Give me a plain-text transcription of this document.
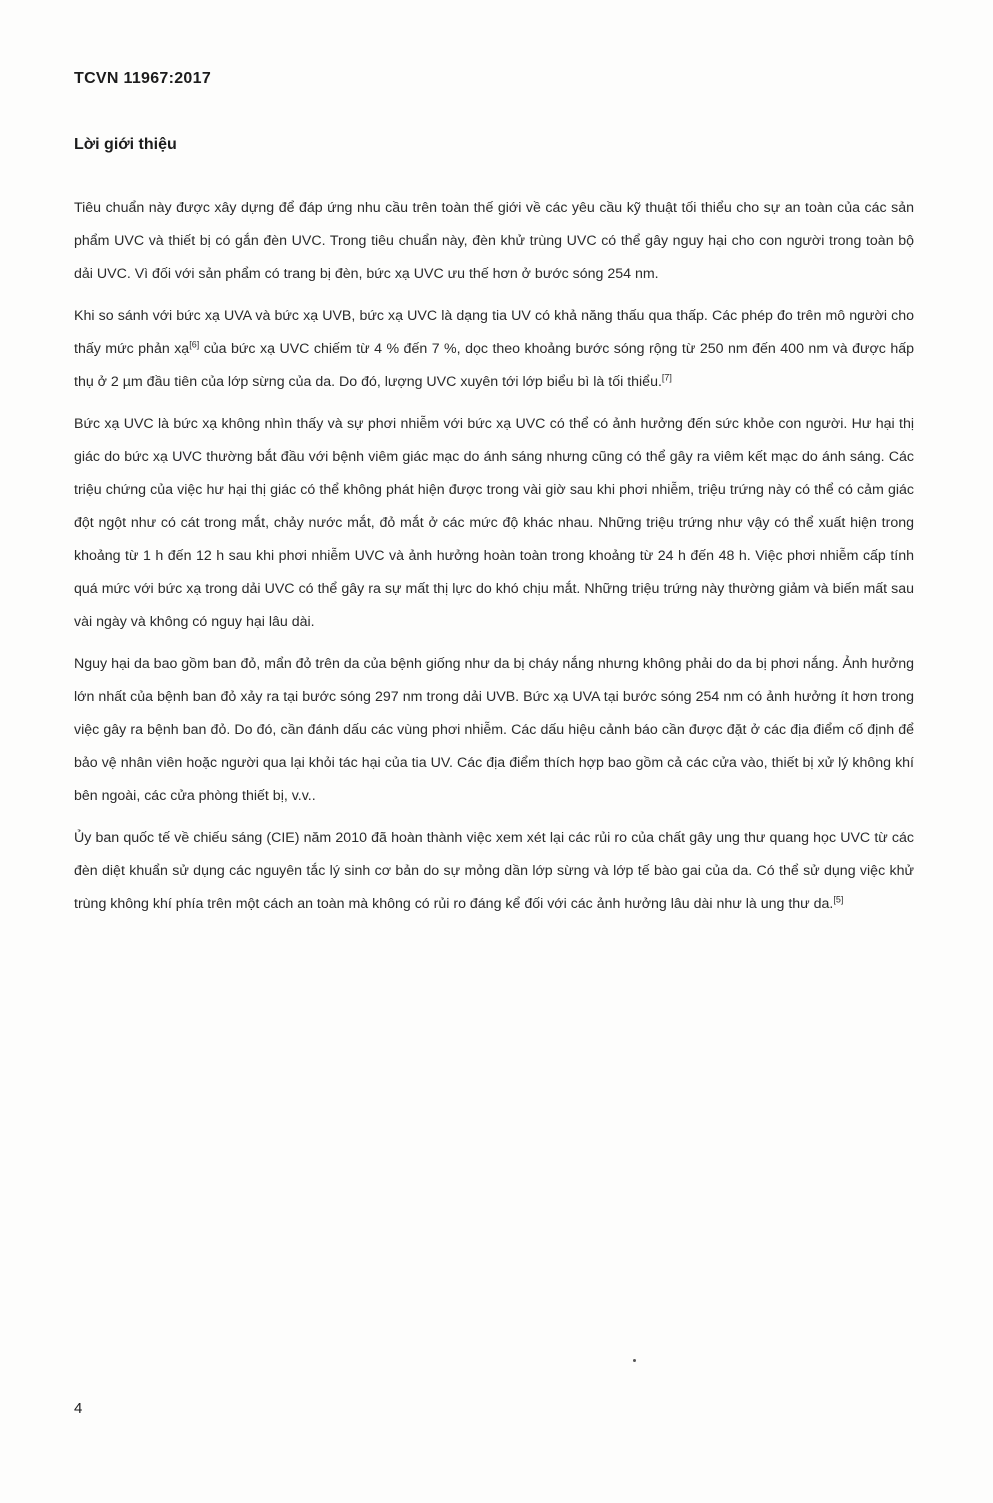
TCVN 11967:2017
Lời giới thiệu

Tiêu chuẩn này được xây dựng để đáp ứng nhu cầu trên toàn thế giới về các yêu cầu kỹ thuật tối thiểu cho sự an toàn của các sản phẩm UVC và thiết bị có gắn đèn UVC. Trong tiêu chuẩn này, đèn khử trùng UVC có thể gây nguy hại cho con người trong toàn bộ dải UVC. Vì đối với sản phẩm có trang bị đèn, bức xạ UVC ưu thế hơn ở bước sóng 254 nm.

Khi so sánh với bức xạ UVA và bức xạ UVB, bức xạ UVC là dạng tia UV có khả năng thấu qua thấp. Các phép đo trên mô người cho thấy mức phản xạ[6] của bức xạ UVC chiếm từ 4 % đến 7 %, dọc theo khoảng bước sóng rộng từ 250 nm đến 400 nm và được hấp thụ ở 2 µm đầu tiên của lớp sừng của da. Do đó, lượng UVC xuyên tới lớp biểu bì là tối thiểu.[7]

Bức xạ UVC là bức xạ không nhìn thấy và sự phơi nhiễm với bức xạ UVC có thể có ảnh hưởng đến sức khỏe con người. Hư hại thị giác do bức xạ UVC thường bắt đầu với bệnh viêm giác mạc do ánh sáng nhưng cũng có thể gây ra viêm kết mạc do ánh sáng. Các triệu chứng của việc hư hại thị giác có thể không phát hiện được trong vài giờ sau khi phơi nhiễm, triệu trứng này có thể có cảm giác đột ngột như có cát trong mắt, chảy nước mắt, đỏ mắt ở các mức độ khác nhau. Những triệu trứng như vậy có thể xuất hiện trong khoảng từ 1 h đến 12 h sau khi phơi nhiễm UVC và ảnh hưởng hoàn toàn trong khoảng từ 24 h đến 48 h. Việc phơi nhiễm cấp tính quá mức với bức xạ trong dải UVC có thể gây ra sự mất thị lực do khó chịu mắt. Những triệu trứng này thường giảm và biến mất sau vài ngày và không có nguy hại lâu dài.

Nguy hại da bao gồm ban đỏ, mẩn đỏ trên da của bệnh giống như da bị cháy nắng nhưng không phải do da bị phơi nắng. Ảnh hưởng lớn nhất của bệnh ban đỏ xảy ra tại bước sóng 297 nm trong dải UVB. Bức xạ UVA tại bước sóng 254 nm có ảnh hưởng ít hơn trong việc gây ra bệnh ban đỏ. Do đó, cần đánh dấu các vùng phơi nhiễm. Các dấu hiệu cảnh báo cần được đặt ở các địa điểm cố định để bảo vệ nhân viên hoặc người qua lại khỏi tác hại của tia UV. Các địa điểm thích hợp bao gồm cả các cửa vào, thiết bị xử lý không khí bên ngoài, các cửa phòng thiết bị, v.v..

Ủy ban quốc tế về chiếu sáng (CIE) năm 2010 đã hoàn thành việc xem xét lại các rủi ro của chất gây ung thư quang học UVC từ các đèn diệt khuẩn sử dụng các nguyên tắc lý sinh cơ bản do sự mỏng dần lớp sừng và lớp tế bào gai của da. Có thể sử dụng việc khử trùng không khí phía trên một cách an toàn mà không có rủi ro đáng kể đối với các ảnh hưởng lâu dài như là ung thư da.[5]

4
